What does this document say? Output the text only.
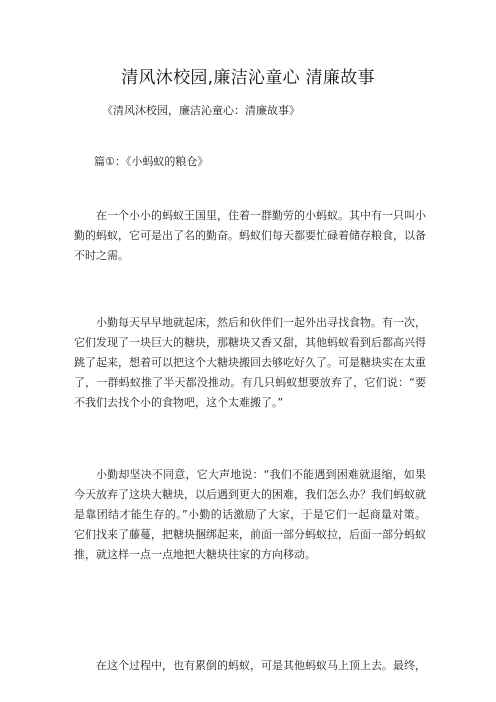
清风沐校园,廉洁沁童心 清廉故事
《清风沐校园，廉洁沁童心：清廉故事》
篇①：《小蚂蚁的粮仓》

在一个小小的蚂蚁王国里，住着一群勤劳的小蚂蚁。其中有一只叫小勤的蚂蚁，它可是出了名的勤奋。蚂蚁们每天都要忙碌着储存粮食，以备不时之需。

小勤每天早早地就起床，然后和伙伴们一起外出寻找食物。有一次，它们发现了一块巨大的糖块，那糖块又香又甜，其他蚂蚁看到后都高兴得跳了起来，想着可以把这个大糖块搬回去够吃好久了。可是糖块实在太重了，一群蚂蚁推了半天都没推动。有几只蚂蚁想要放弃了，它们说：“要不我们去找个小的食物吧，这个太难搬了。”

小勤却坚决不同意，它大声地说：“我们不能遇到困难就退缩，如果今天放弃了这块大糖块，以后遇到更大的困难，我们怎么办？我们蚂蚁就是靠团结才能生存的。”小勤的话激励了大家，于是它们一起商量对策。它们找来了藤蔓，把糖块捆绑起来，前面一部分蚂蚁拉，后面一部分蚂蚁推，就这样一点一点地把大糖块往家的方向移动。

在这个过程中，也有累倒的蚂蚁，可是其他蚂蚁马上顶上去。最终，
